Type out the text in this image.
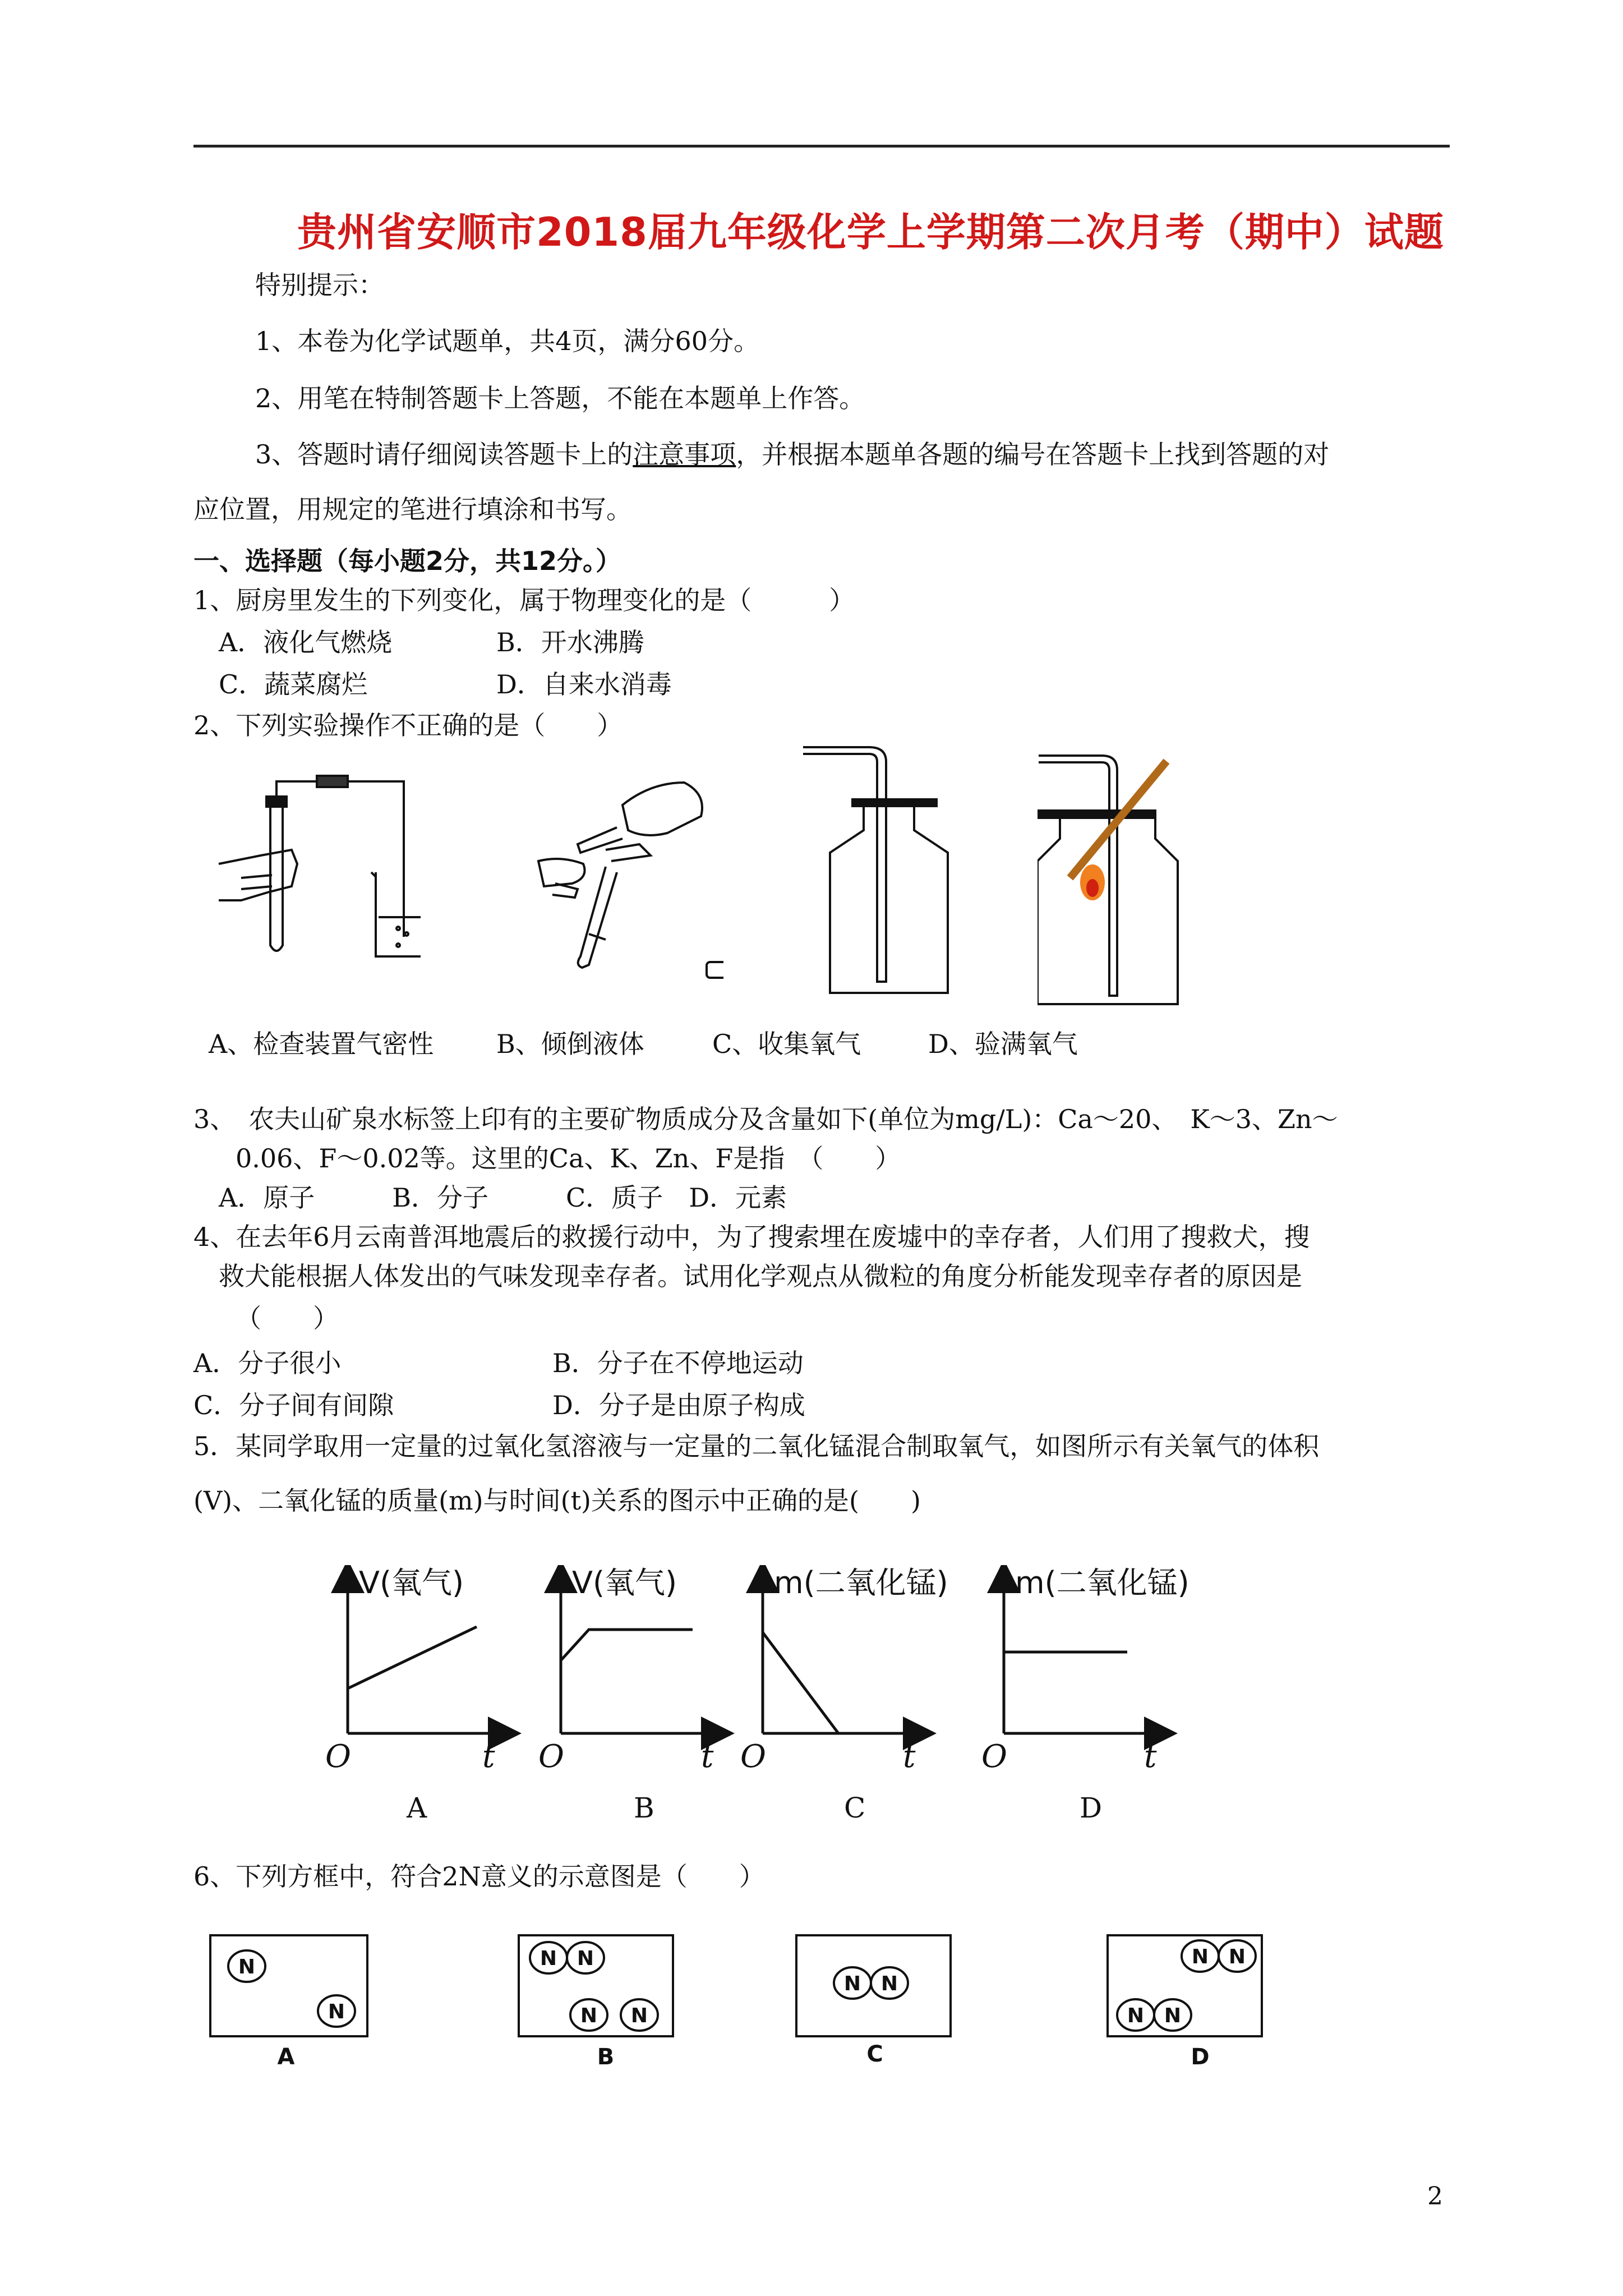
贵州省安顺市2018届九年级化学上学期第二次月考（期中）试题
特别提示：
1、本卷为化学试题单，共4页，满分60分。
2、用笔在特制答题卡上答题，不能在本题单上作答。
3、答题时请仔细阅读答题卡上的注意事项，并根据本题单各题的编号在答题卡上找到答题的对
应位置，用规定的笔进行填涂和书写。
一、选择题（每小题2分，共12分。）
1、厨房里发生的下列变化，属于物理变化的是（　　　）
A．液化气燃烧	B．开水沸腾
C．蔬菜腐烂	D．自来水消毒
2、下列实验操作不正确的是（　　）
A、检查装置气密性 B、倾倒液体	C、收集氧气	D、验满氧气
3、　农夫山矿泉水标签上印有的主要矿物质成分及含量如下(单位为mg/L)：Ca～20、　K～3、Zn～
0.06、F～0.02等。这里的Ca、K、Zn、F是指　（　　）
A．原子　　　B．分子　　　C．质子　D．元素
4、在去年6月云南普洱地震后的救援行动中，为了搜索埋在废墟中的幸存者，人们用了搜救犬，搜
救犬能根据人体发出的气味发现幸存者。试用化学观点从微粒的角度分析能发现幸存者的原因是
（　　）
A．分子很小	B．分子在不停地运动
C．分子间有间隙	D．分子是由原子构成
5．某同学取用一定量的过氧化氢溶液与一定量的二氧化锰混合制取氧气，如图所示有关氧气的体积
(V)、二氧化锰的质量(m)与时间(t)关系的图示中正确的是(　　)
V(氧气)	V(氧气)	m(二氧化锰) m(二氧化锰)
O	t O	t O	t O	t
A	B	C	D
6、下列方框中，符合2N意义的示意图是（　　）
N
N
N N
N N
N N
N N
N N
A	B	C	D
2
